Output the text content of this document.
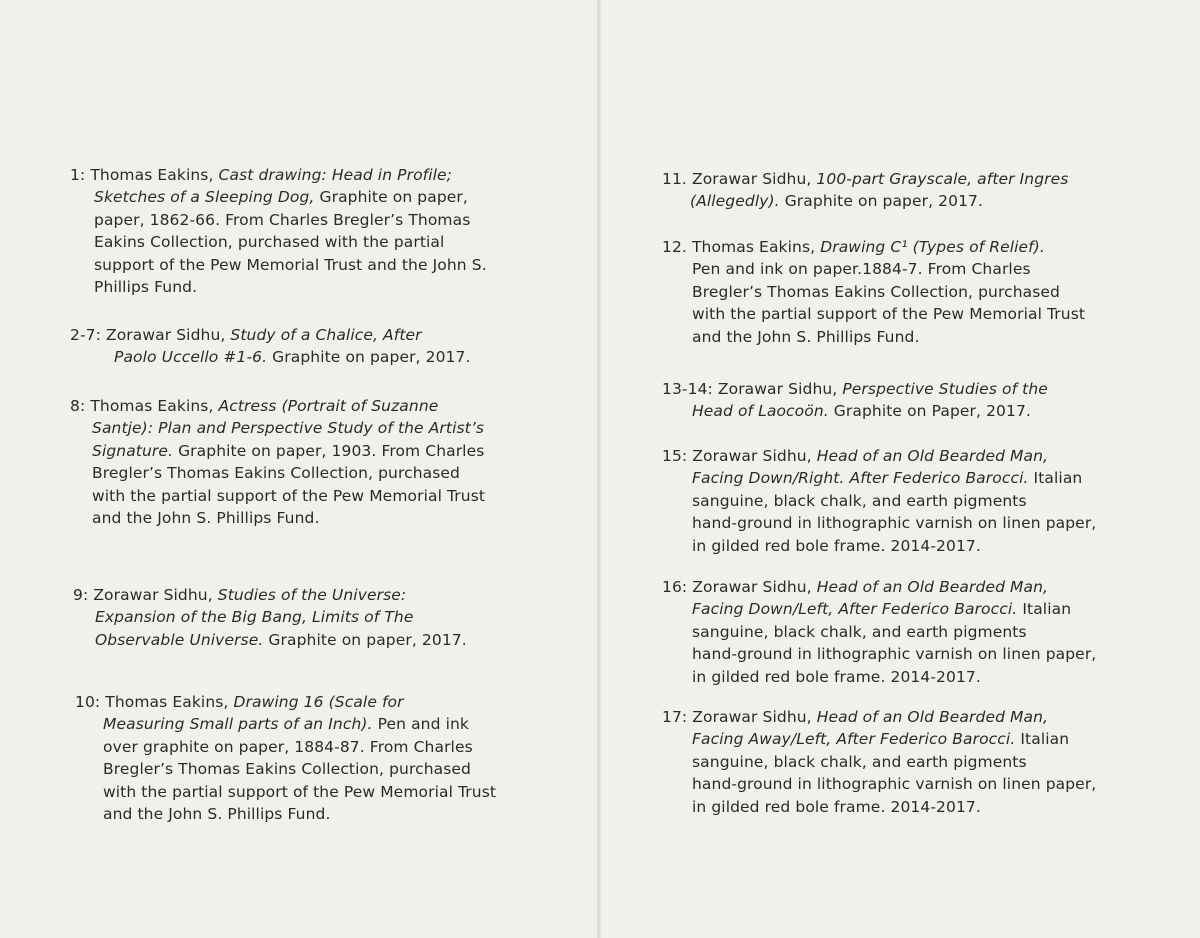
1: Thomas Eakins, Cast drawing: Head in Profile;
Sketches of a Sleeping Dog, Graphite on paper,
paper, 1862-66. From Charles Bregler’s Thomas
Eakins Collection, purchased with the partial
support of the Pew Memorial Trust and the John S.
Phillips Fund.
2-7: Zorawar Sidhu, Study of a Chalice, After
Paolo Uccello #1-6. Graphite on paper, 2017.
8: Thomas Eakins, Actress (Portrait of Suzanne
Santje): Plan and Perspective Study of the Artist’s
Signature. Graphite on paper, 1903. From Charles
Bregler’s Thomas Eakins Collection, purchased
with the partial support of the Pew Memorial Trust
and the John S. Phillips Fund.
9: Zorawar Sidhu, Studies of the Universe:
Expansion of the Big Bang, Limits of The
Observable Universe. Graphite on paper, 2017.
10: Thomas Eakins, Drawing 16 (Scale for
Measuring Small parts of an Inch). Pen and ink
over graphite on paper, 1884-87. From Charles
Bregler’s Thomas Eakins Collection, purchased
with the partial support of the Pew Memorial Trust
and the John S. Phillips Fund.
11. Zorawar Sidhu, 100-part Grayscale, after Ingres
(Allegedly). Graphite on paper, 2017.
12. Thomas Eakins, Drawing C¹ (Types of Relief).
Pen and ink on paper.1884-7. From Charles
Bregler’s Thomas Eakins Collection, purchased
with the partial support of the Pew Memorial Trust
and the John S. Phillips Fund.
13-14: Zorawar Sidhu, Perspective Studies of the
Head of Laocoön. Graphite on Paper, 2017.
15: Zorawar Sidhu, Head of an Old Bearded Man,
Facing Down/Right. After Federico Barocci. Italian
sanguine, black chalk, and earth pigments
hand-ground in lithographic varnish on linen paper,
in gilded red bole frame. 2014-2017.
16: Zorawar Sidhu, Head of an Old Bearded Man,
Facing Down/Left, After Federico Barocci. Italian
sanguine, black chalk, and earth pigments
hand-ground in lithographic varnish on linen paper,
in gilded red bole frame. 2014-2017.
17: Zorawar Sidhu, Head of an Old Bearded Man,
Facing Away/Left, After Federico Barocci. Italian
sanguine, black chalk, and earth pigments
hand-ground in lithographic varnish on linen paper,
in gilded red bole frame. 2014-2017.
